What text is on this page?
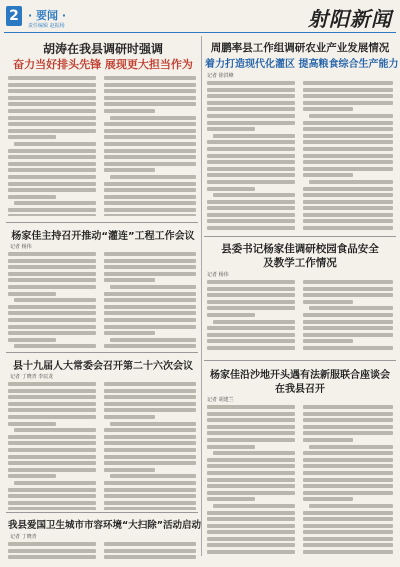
2 · 要闻 ·
责任编辑 赵振杨	射阳新闻
胡涛在我县调研时强调
奋力当好排头先锋 展现更大担当作为
周鹏率县工作组调研农业产业发展情况
着力打造现代化灌区 提高粮食综合生产能力
记者 徐洪峰
杨家佳主持召开推动“灌连”工程工作会议
记者 杨伟	县委书记杨家佳调研校园食品安全
及教学工作情况
记者 杨伟
县十九届人大常委会召开第二十六次会议
记者 丁晓青 李辰龙	杨家佳沿沙地开头遇有法新服联合座谈会
在我县召开
记者 胡建兰
我县爱国卫生城市市容环境“大扫除”活动启动
记者 丁晓青
